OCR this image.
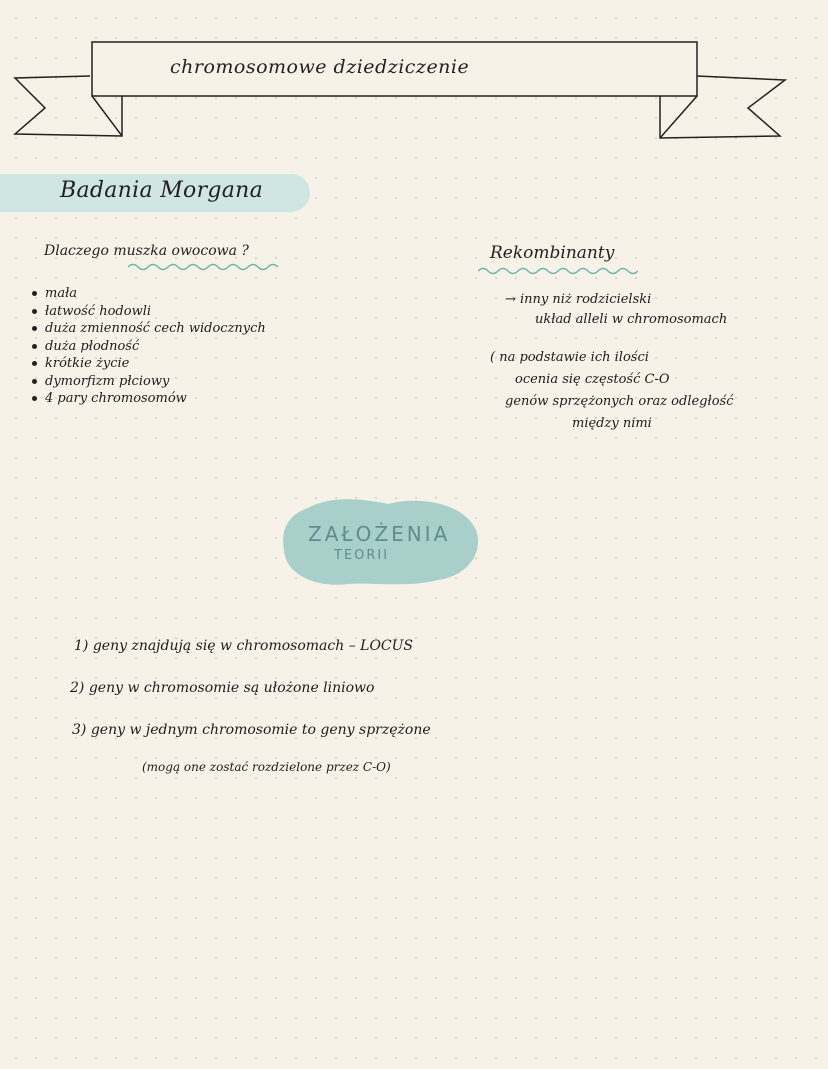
chromosomowe dziedziczenie
Badania Morgana
Dlaczego muszka owocowa ?
mała
łatwość hodowli
duża zmienność cech widocznych
duża płodność
krótkie życie
dymorfizm płciowy
4 pary chromosomów
Rekombinanty
→ inny niż rodzicielski
układ alleli w chromosomach
( na podstawie ich ilości
ocenia się częstość C-O
genów sprzężonych oraz odległość
między nimi
ZAŁOŻENIA
TEORII
1) geny znajdują się w chromosomach – LOCUS
2) geny w chromosomie są ułożone liniowo
3) geny w jednym chromosomie to geny sprzężone
(mogą one zostać rozdzielone przez C-O)
